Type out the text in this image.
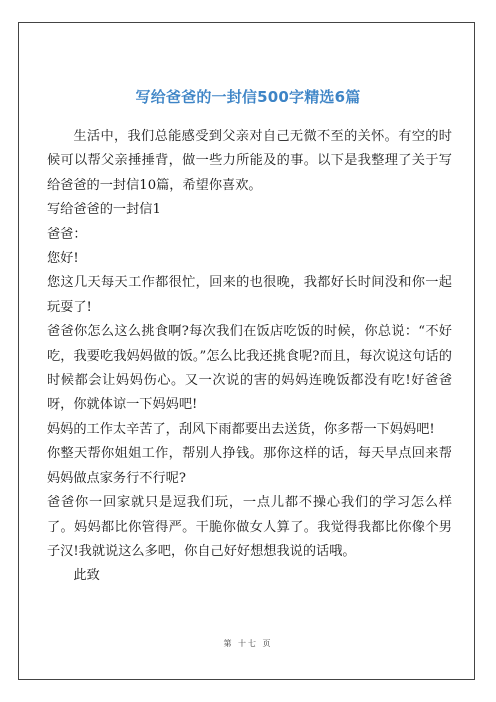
写给爸爸的一封信500字精选6篇

生活中，我们总能感受到父亲对自己无微不至的关怀。有空的时候可以帮父亲捶捶背，做一些力所能及的事。以下是我整理了关于写给爸爸的一封信10篇，希望你喜欢。

写给爸爸的一封信1

爸爸：

您好!

您这几天每天工作都很忙，回来的也很晚，我都好长时间没和你一起玩耍了!

爸爸你怎么这么挑食啊?每次我们在饭店吃饭的时候，你总说：“不好吃，我要吃我妈妈做的饭。”怎么比我还挑食呢?而且，每次说这句话的时候都会让妈妈伤心。又一次说的害的妈妈连晚饭都没有吃!好爸爸呀，你就体谅一下妈妈吧!

妈妈的工作太辛苦了，刮风下雨都要出去送货，你多帮一下妈妈吧!

你整天帮你姐姐工作，帮别人挣钱。那你这样的话，每天早点回来帮妈妈做点家务行不行呢?

爸爸你一回家就只是逗我们玩，一点儿都不操心我们的学习怎么样了。妈妈都比你管得严。干脆你做女人算了。我觉得我都比你像个男子汉!我就说这么多吧，你自己好好想想我说的话哦。

此致

第 十七 页
